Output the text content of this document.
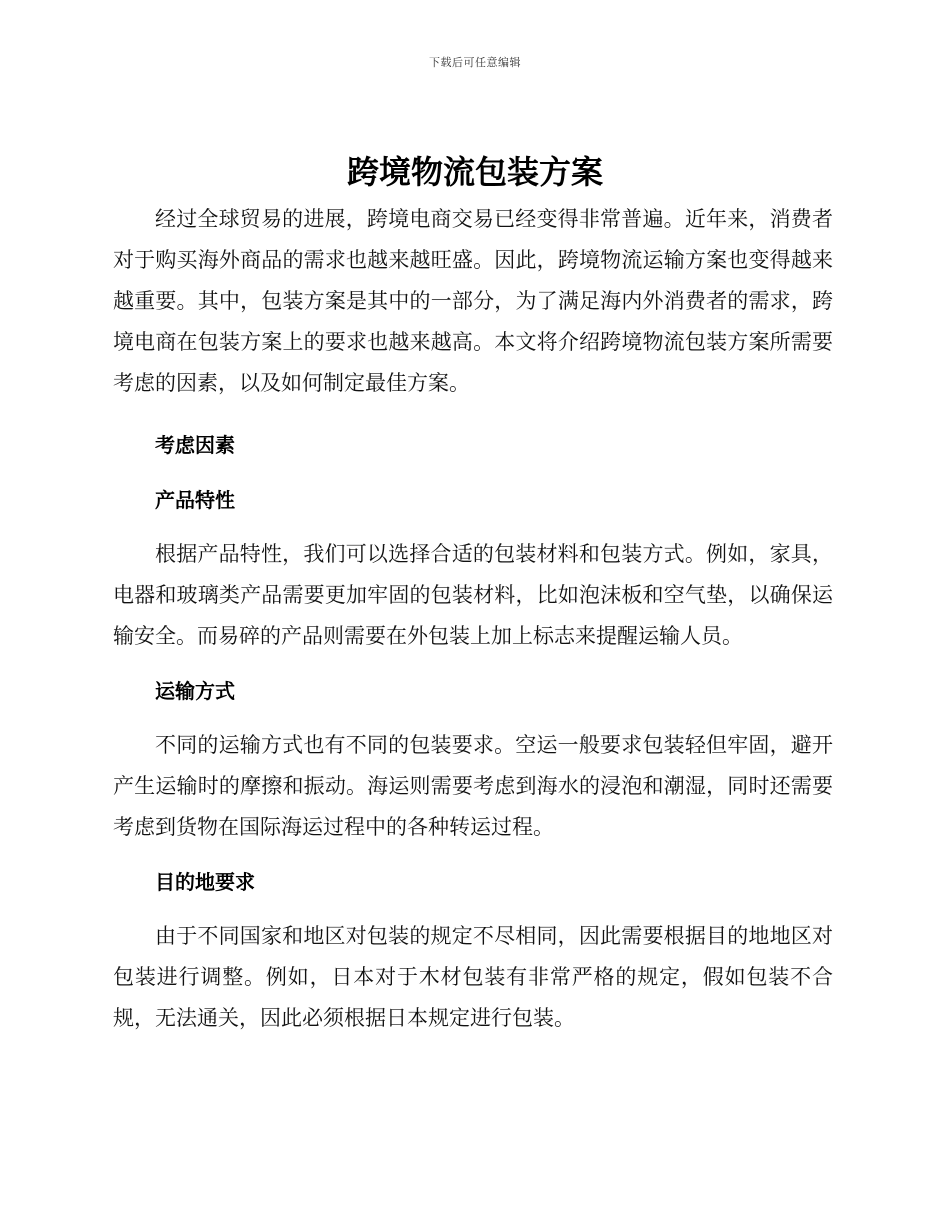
下载后可任意编辑
跨境物流包装方案

经过全球贸易的进展，跨境电商交易已经变得非常普遍。近年来，消费者对于购买海外商品的需求也越来越旺盛。因此，跨境物流运输方案也变得越来越重要。其中，包装方案是其中的一部分，为了满足海内外消费者的需求，跨境电商在包装方案上的要求也越来越高。本文将介绍跨境物流包装方案所需要考虑的因素，以及如何制定最佳方案。

考虑因素
产品特性

根据产品特性，我们可以选择合适的包装材料和包装方式。例如，家具，电器和玻璃类产品需要更加牢固的包装材料，比如泡沫板和空气垫，以确保运输安全。而易碎的产品则需要在外包装上加上标志来提醒运输人员。

运输方式

不同的运输方式也有不同的包装要求。空运一般要求包装轻但牢固，避开产生运输时的摩擦和振动。海运则需要考虑到海水的浸泡和潮湿，同时还需要考虑到货物在国际海运过程中的各种转运过程。

目的地要求

由于不同国家和地区对包装的规定不尽相同，因此需要根据目的地地区对包装进行调整。例如，日本对于木材包装有非常严格的规定，假如包装不合规，无法通关，因此必须根据日本规定进行包装。
